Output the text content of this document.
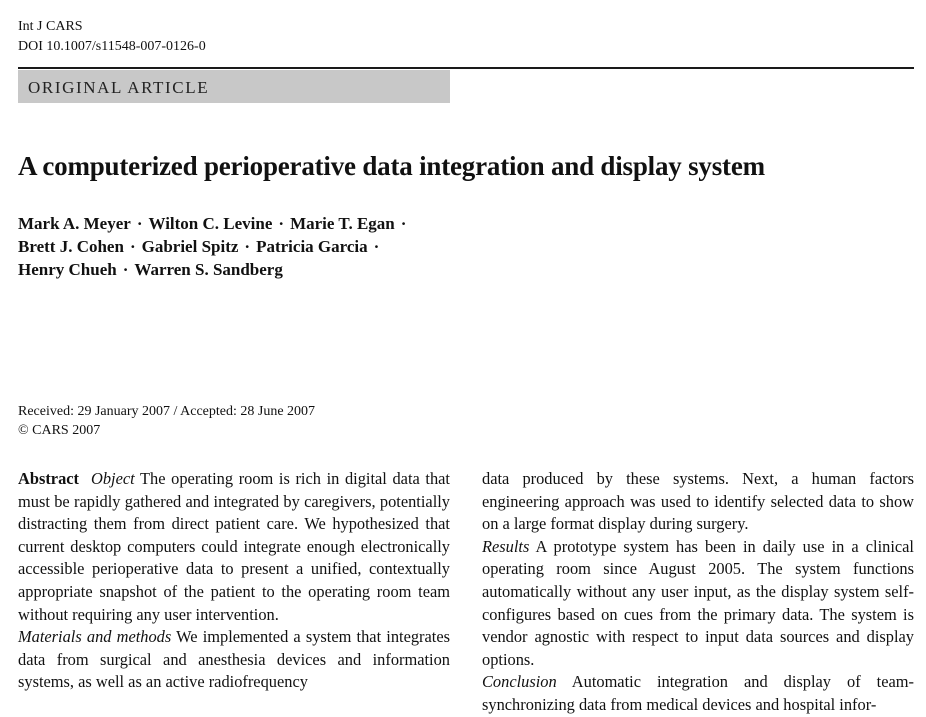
Int J CARS
DOI 10.1007/s11548-007-0126-0
ORIGINAL ARTICLE
A computerized perioperative data integration and display system
Mark A. Meyer · Wilton C. Levine · Marie T. Egan ·
Brett J. Cohen · Gabriel Spitz · Patricia Garcia ·
Henry Chueh · Warren S. Sandberg
Received: 29 January 2007 / Accepted: 28 June 2007
© CARS 2007

Abstract Object The operating room is rich in digital data that must be rapidly gathered and integrated by caregivers, potentially distracting them from direct patient care. We hypothesized that current desktop computers could integrate enough electronically accessible perioperative data to present a unified, contextually appropriate snapshot of the patient to the operating room team without requiring any user intervention.

Materials and methods We implemented a system that integrates data from surgical and anesthesia devices and information systems, as well as an active radiofrequency

data produced by these systems. Next, a human factors engineering approach was used to identify selected data to show on a large format display during surgery.

Results A prototype system has been in daily use in a clinical operating room since August 2005. The system functions automatically without any user input, as the display system self-configures based on cues from the primary data. The system is vendor agnostic with respect to input data sources and display options.

Conclusion Automatic integration and display of team-synchronizing data from medical devices and hospital infor-
